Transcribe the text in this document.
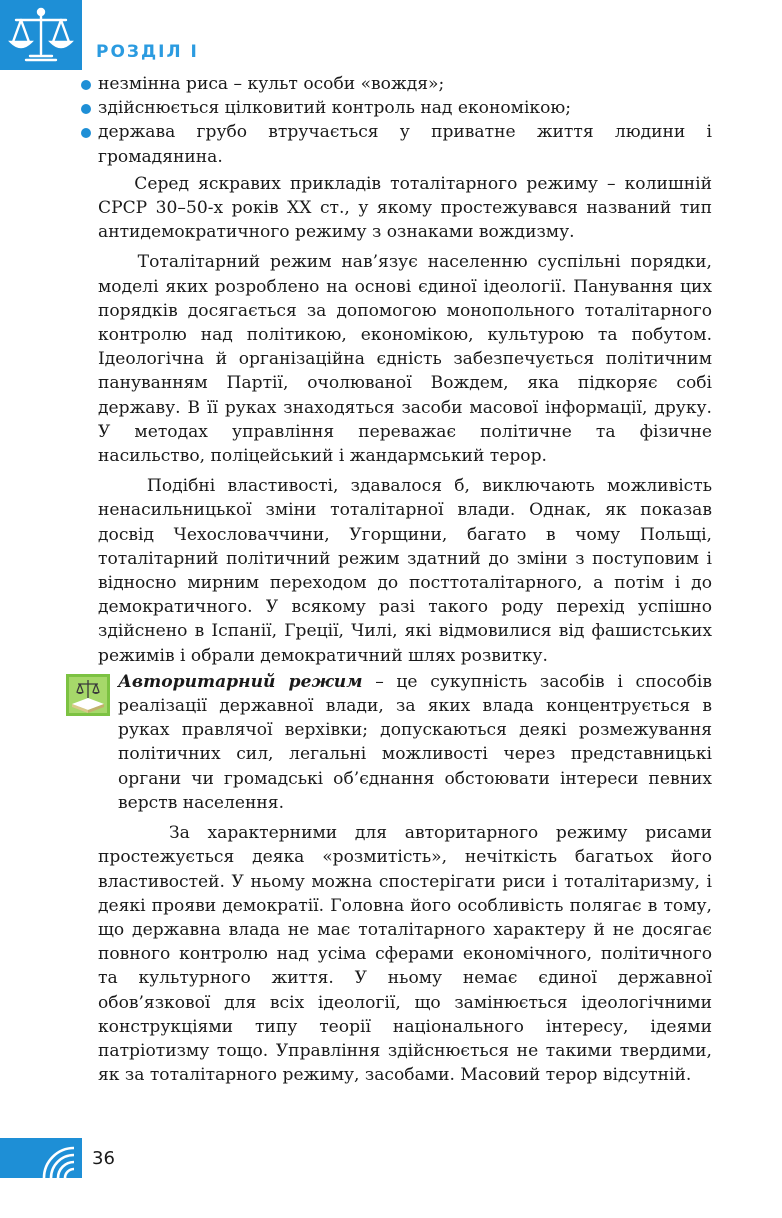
РОЗДІЛ І
незмінна риса – культ особи «вождя»;
здійснюється цілковитий контроль над економікою;
держава грубо втручається у приватне життя людини і громадянина.

Серед яскравих прикладів тоталітарного режиму – колишній СРСР 30–50-х років XX ст., у якому простежувався названий тип антидемократичного режиму з ознаками вождизму.

Тоталітарний режим нав’язує населенню суспільні порядки, моделі яких розроблено на основі єдиної ідеології. Панування цих порядків досягається за допомогою монопольного тоталітарного контролю над політикою, економікою, культурою та побутом. Ідеологічна й організаційна єдність забезпечується політичним пануванням Партії, очолюваної Вождем, яка підкоряє собі державу. В її руках знаходяться засоби масової інформації, друку. У методах управління переважає політичне та фізичне насильство, поліцейський і жандармський терор.

Подібні властивості, здавалося б, виключають можливість ненасильницької зміни тоталітарної влади. Однак, як показав досвід Чехословаччини, Угорщини, багато в чому Польщі, тоталітарний політичний режим здатний до зміни з поступовим і відносно мирним переходом до посттоталітарного, а потім і до демократичного. У всякому разі такого роду перехід успішно здійснено в Іспанії, Греції, Чилі, які відмовилися від фашистських режимів і обрали демократичний шлях розвитку.

Авторитарний режим – це сукупність засобів і способів реалізації державної влади, за яких влада концентрується в руках правлячої верхівки; допускаються деякі розмежування політичних сил, легальні можливості через представницькі органи чи громадські об’єднання обстоювати інтереси певних верств населення.

За характерними для авторитарного режиму рисами простежується деяка «розмитість», нечіткість багатьох його властивостей. У ньому можна спостерігати риси і тоталітаризму, і деякі прояви демократії. Головна його особливість полягає в тому, що державна влада не має тоталітарного характеру й не досягає повного контролю над усіма сферами економічного, політичного та культурного життя. У ньому немає єдиної державної обов’язкової для всіх ідеології, що замінюється ідеологічними конструкціями типу теорії національного інтересу, ідеями патріотизму тощо. Управління здійснюється не такими твердими, як за тоталітарного режиму, засобами. Масовий терор відсутній.

36
